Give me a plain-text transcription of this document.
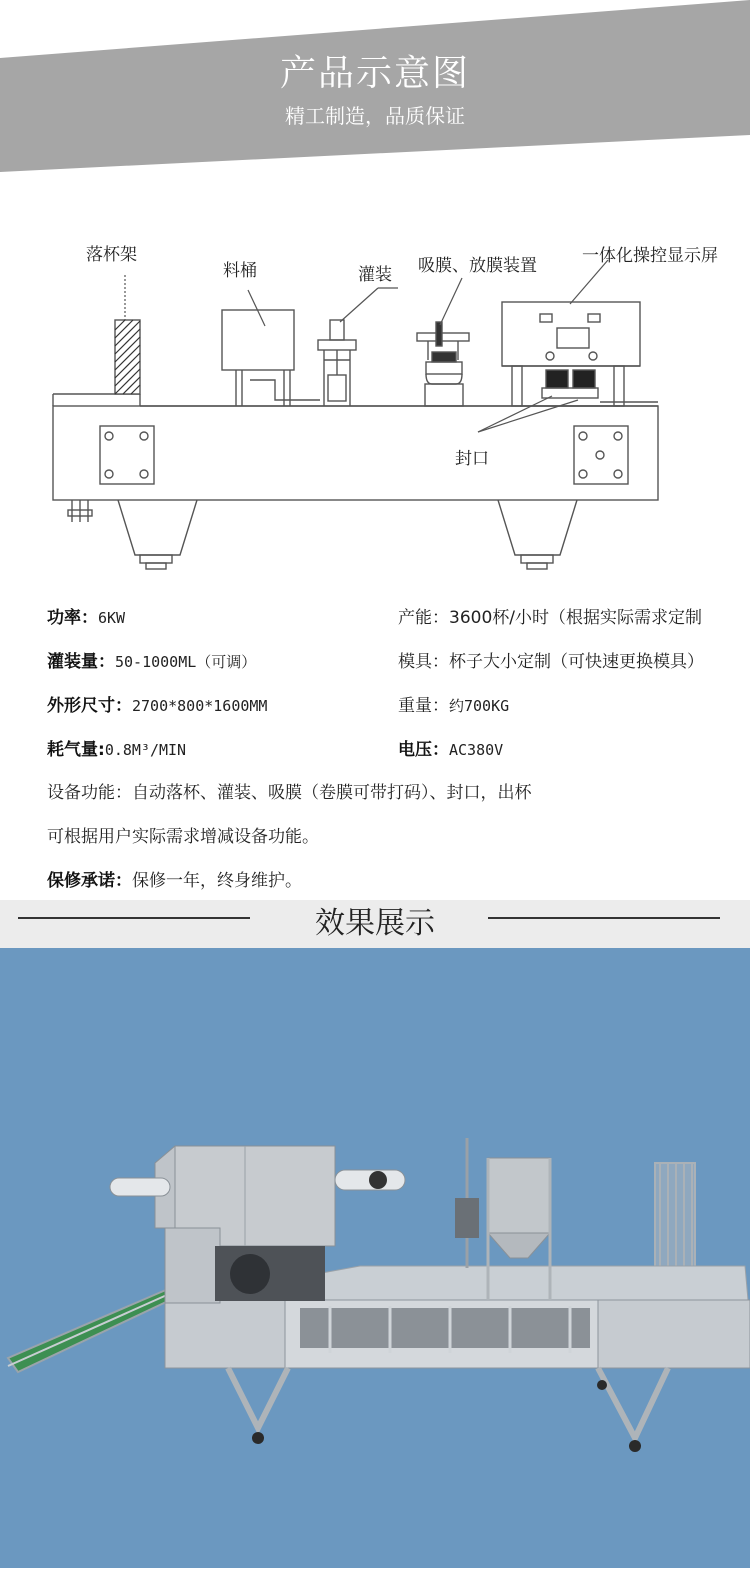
产品示意图
精工制造，品质保证
落杯架
料桶	灌装 吸膜、放膜装置	一体化操控显示屏
封口
功率：6KW	产能：3600杯/小时（根据实际需求定制
灌装量：50-1000ML（可调）	模具：杯子大小定制（可快速更换模具）
外形尺寸：2700*800*1600MM	重量：约700KG
耗气量:0.8M³/MIN	电压：AC380V
设备功能：自动落杯、灌装、吸膜（卷膜可带打码）、封口，出杯
可根据用户实际需求增减设备功能。
保修承诺：保修一年，终身维护。
效果展示
